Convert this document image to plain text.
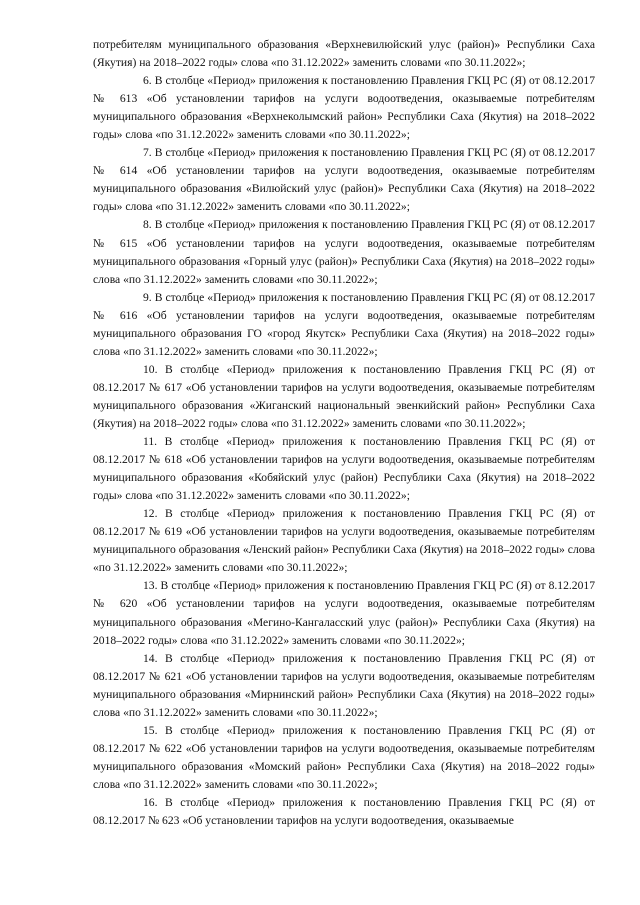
потребителям муниципального образования «Верхневилюйский улус (район)» Республики Саха (Якутия) на 2018–2022 годы» слова «по 31.12.2022» заменить словами «по 30.11.2022»;

6. В столбце «Период» приложения к постановлению Правления ГКЦ РС (Я) от 08.12.2017 № 613 «Об установлении тарифов на услуги водоотведения, оказываемые потребителям муниципального образования «Верхнеколымский район» Республики Саха (Якутия) на 2018–2022 годы» слова «по 31.12.2022» заменить словами «по 30.11.2022»;

7. В столбце «Период» приложения к постановлению Правления ГКЦ РС (Я) от 08.12.2017 № 614 «Об установлении тарифов на услуги водоотведения, оказываемые потребителям муниципального образования «Вилюйский улус (район)» Республики Саха (Якутия) на 2018–2022 годы» слова «по 31.12.2022» заменить словами «по 30.11.2022»;

8. В столбце «Период» приложения к постановлению Правления ГКЦ РС (Я) от 08.12.2017 № 615 «Об установлении тарифов на услуги водоотведения, оказываемые потребителям муниципального образования «Горный улус (район)» Республики Саха (Якутия) на 2018–2022 годы» слова «по 31.12.2022» заменить словами «по 30.11.2022»;

9. В столбце «Период» приложения к постановлению Правления ГКЦ РС (Я) от 08.12.2017 № 616 «Об установлении тарифов на услуги водоотведения, оказываемые потребителям муниципального образования ГО «город Якутск» Республики Саха (Якутия) на 2018–2022 годы» слова «по 31.12.2022» заменить словами «по 30.11.2022»;

10. В столбце «Период» приложения к постановлению Правления ГКЦ РС (Я) от 08.12.2017 № 617 «Об установлении тарифов на услуги водоотведения, оказываемые потребителям муниципального образования «Жиганский национальный эвенкийский район» Республики Саха (Якутия) на 2018–2022 годы» слова «по 31.12.2022» заменить словами «по 30.11.2022»;

11. В столбце «Период» приложения к постановлению Правления ГКЦ РС (Я) от 08.12.2017 № 618 «Об установлении тарифов на услуги водоотведения, оказываемые потребителям муниципального образования «Кобяйский улус (район) Республики Саха (Якутия) на 2018–2022 годы» слова «по 31.12.2022» заменить словами «по 30.11.2022»;

12. В столбце «Период» приложения к постановлению Правления ГКЦ РС (Я) от 08.12.2017 № 619 «Об установлении тарифов на услуги водоотведения, оказываемые потребителям муниципального образования «Ленский район» Республики Саха (Якутия) на 2018–2022 годы» слова «по 31.12.2022» заменить словами «по 30.11.2022»;

13. В столбце «Период» приложения к постановлению Правления ГКЦ РС (Я) от 8.12.2017 № 620 «Об установлении тарифов на услуги водоотведения, оказываемые потребителям муниципального образования «Мегино-Кангаласский улус (район)» Республики Саха (Якутия) на 2018–2022 годы» слова «по 31.12.2022» заменить словами «по 30.11.2022»;

14. В столбце «Период» приложения к постановлению Правления ГКЦ РС (Я) от 08.12.2017 № 621 «Об установлении тарифов на услуги водоотведения, оказываемые потребителям муниципального образования «Мирнинский район» Республики Саха (Якутия) на 2018–2022 годы» слова «по 31.12.2022» заменить словами «по 30.11.2022»;

15. В столбце «Период» приложения к постановлению Правления ГКЦ РС (Я) от 08.12.2017 № 622 «Об установлении тарифов на услуги водоотведения, оказываемые потребителям муниципального образования «Момский район» Республики Саха (Якутия) на 2018–2022 годы» слова «по 31.12.2022» заменить словами «по 30.11.2022»;

16. В столбце «Период» приложения к постановлению Правления ГКЦ РС (Я) от 08.12.2017 № 623 «Об установлении тарифов на услуги водоотведения, оказываемые
